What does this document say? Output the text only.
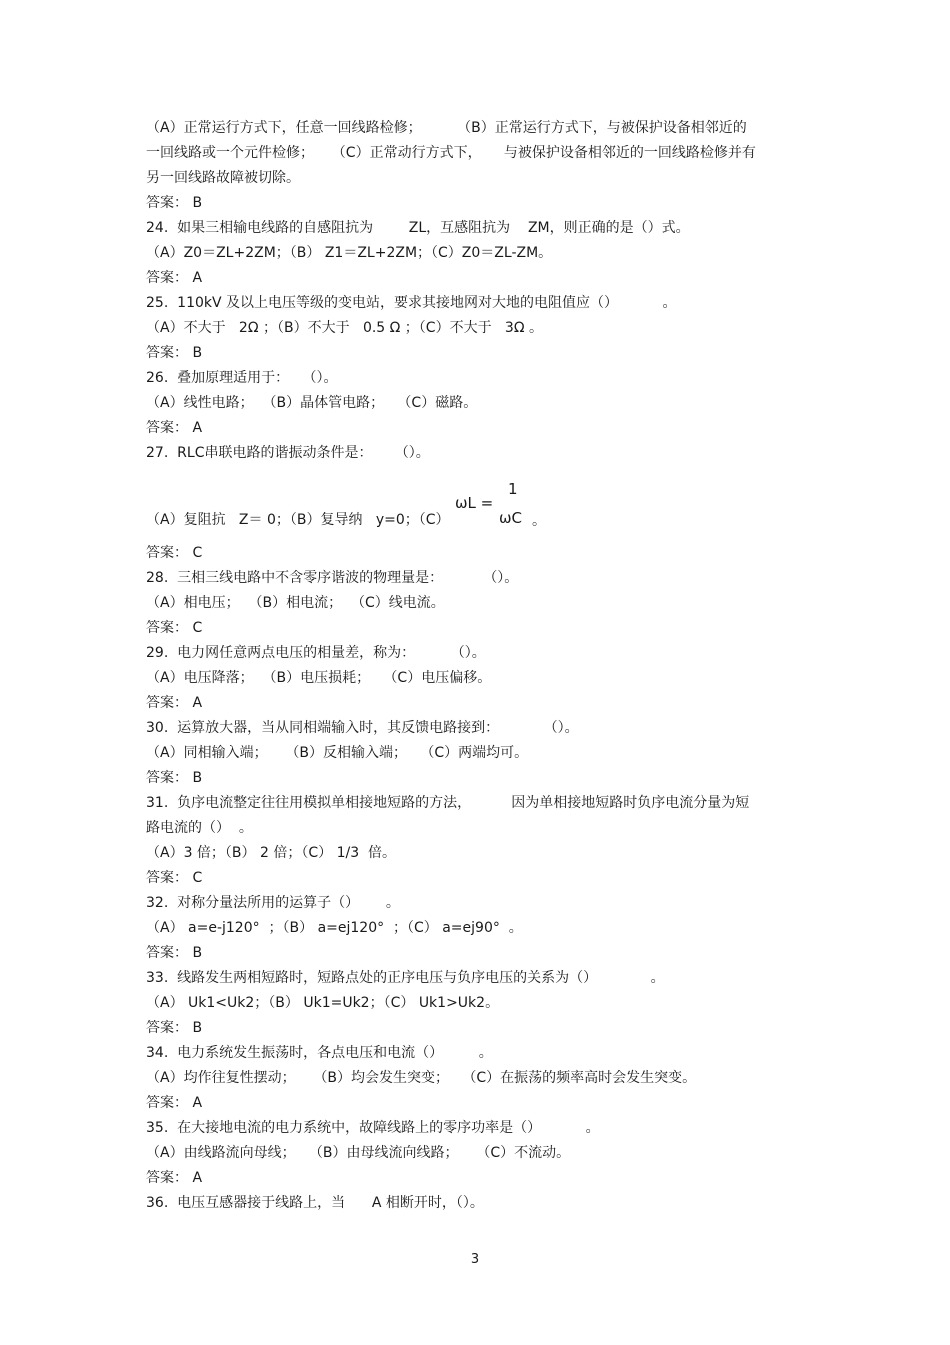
（A）正常运行方式下，任意一回线路检修；        （B）正常运行方式下，与被保护设备相邻近的
一回线路或一个元件检修；    （C）正常动行方式下，     与被保护设备相邻近的一回线路检修并有
另一回线路故障被切除。
答案： B
24.  如果三相输电线路的自感阻抗为        ZL，互感阻抗为    ZM，则正确的是（）式。
（A）Z0＝ZL+2ZM；（B） Z1＝ZL+2ZM；（C）Z0＝ZL-ZM。
答案： A
25.  110kV 及以上电压等级的变电站，要求其接地网对大地的电阻值应（）          。
（A）不大于   2Ω ；（B）不大于   0.5 Ω ；（C）不大于   3Ω 。
答案： B
26.  叠加原理适用于：   （）。
（A）线性电路；  （B）晶体管电路；   （C）磁路。
答案： A
27.  RLC串联电路的谐振动条件是：     （）。
1
ωL =
ωC
（A）复阻抗   Z＝ 0；（B）复导纳   y=0；（C）	。
答案： C
28.  三相三线电路中不含零序谐波的物理量是：         （）。
（A）相电压；  （B）相电流；  （C）线电流。
答案： C
29.  电力网任意两点电压的相量差，称为：        （）。
（A）电压降落；  （B）电压损耗；   （C）电压偏移。
答案： A
30.  运算放大器，当从同相端输入时，其反馈电路接到：          （）。
（A）同相输入端；    （B）反相输入端；   （C）两端均可。
答案： B
31.  负序电流整定往往用模拟单相接地短路的方法，         因为单相接地短路时负序电流分量为短
路电流的（）  。
（A）3 倍；（B） 2 倍；（C） 1/3  倍。
答案： C
32.  对称分量法所用的运算子（）      。
（A） a=e-j120°  ；（B） a=ej120°  ；（C） a=ej90°  。
答案： B
33.  线路发生两相短路时，短路点处的正序电压与负序电压的关系为（）            。
（A） Uk1<Uk2；（B） Uk1=Uk2；（C） Uk1>Uk2。
答案： B
34.  电力系统发生振荡时，各点电压和电流（）        。
（A）均作往复性摆动；    （B）均会发生突变；   （C）在振荡的频率高时会发生突变。
答案： A
35.  在大接地电流的电力系统中，故障线路上的零序功率是（）          。
（A）由线路流向母线；   （B）由母线流向线路；    （C）不流动。
答案： A
36.  电压互感器接于线路上，当      A 相断开时，（）。
3
